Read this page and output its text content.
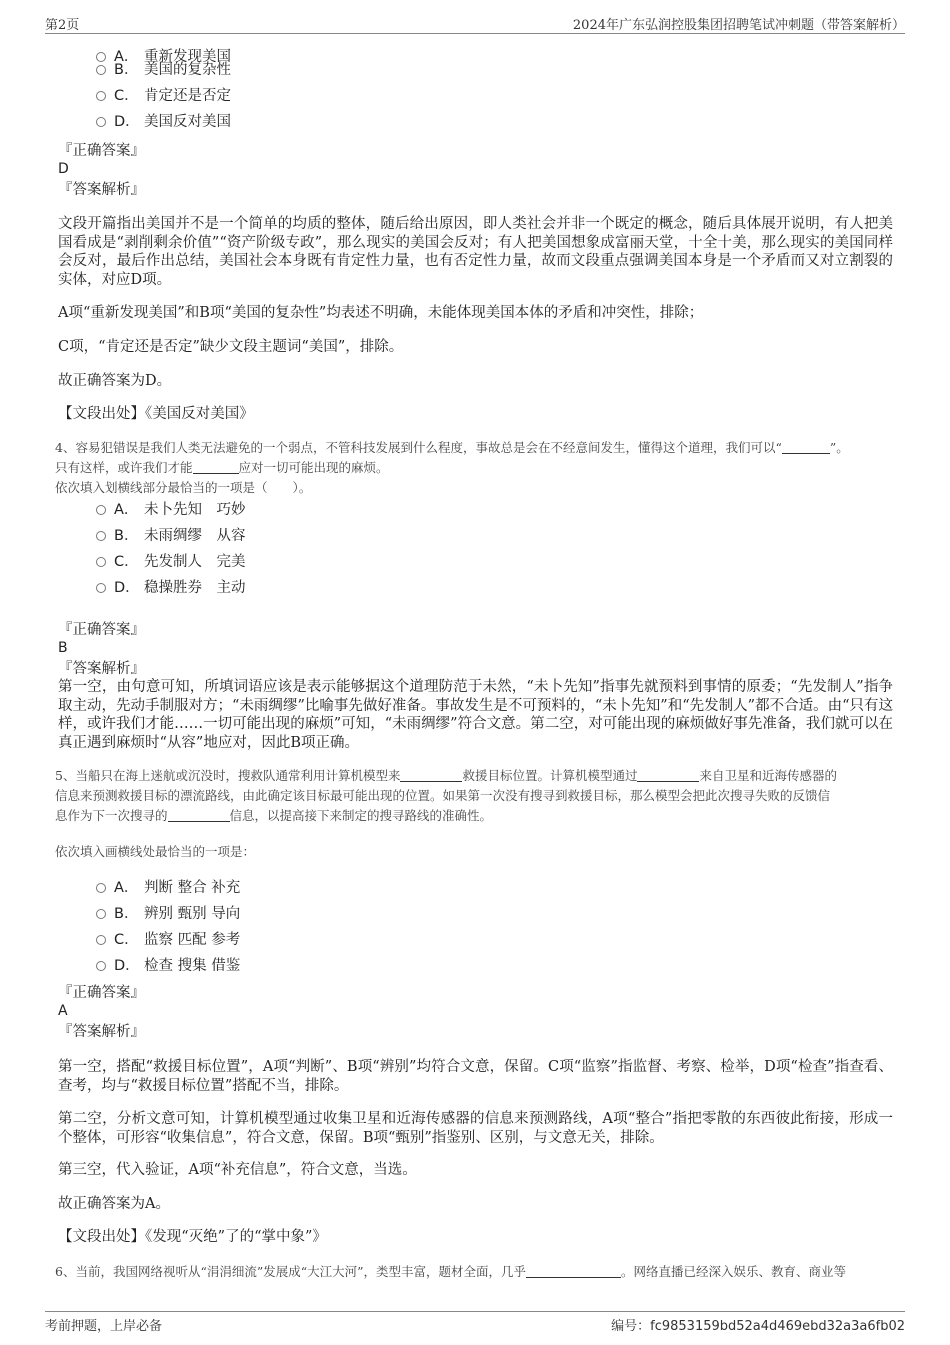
第2页	2024年广东弘润控股集团招聘笔试冲刺题（带答案解析）
A． 重新发现美国
B． 美国的复杂性
C． 肯定还是否定
D． 美国反对美国
『正确答案』
D
『答案解析』
文段开篇指出美国并不是一个简单的均质的整体，随后给出原因，即人类社会并非一个既定的概念，随后具体展开说明，有人把美国看成是“剥削剩余价值”“资产阶级专政”，那么现实的美国会反对；有人把美国想象成富丽天堂，十全十美，那么现实的美国同样会反对，最后作出总结，美国社会本身既有肯定性力量，也有否定性力量，故而文段重点强调美国本身是一个矛盾而又对立割裂的实体，对应D项。
A项“重新发现美国”和B项“美国的复杂性”均表述不明确，未能体现美国本体的矛盾和冲突性，排除；
C项，“肯定还是否定”缺少文段主题词“美国”，排除。
故正确答案为D。
【文段出处】《美国反对美国》
4、容易犯错误是我们人类无法避免的一个弱点，不管科技发展到什么程度，事故总是会在不经意间发生，懂得这个道理，我们可以“	”。
只有这样，或许我们才能	应对一切可能出现的麻烦。
依次填入划横线部分最恰当的一项是（　　）。
A． 未卜先知　巧妙
B． 未雨绸缪　从容
C． 先发制人　完美
D． 稳操胜券　主动
『正确答案』
B
『答案解析』
第一空，由句意可知，所填词语应该是表示能够据这个道理防范于未然，“未卜先知”指事先就预料到事情的原委；“先发制人”指争取主动，先动手制服对方；“未雨绸缪”比喻事先做好准备。事故发生是不可预料的，“未卜先知”和“先发制人”都不合适。由“只有这样，或许我们才能……一切可能出现的麻烦”可知，“未雨绸缪”符合文意。第二空，对可能出现的麻烦做好事先准备，我们就可以在真正遇到麻烦时“从容”地应对，因此B项正确。
5、当船只在海上迷航或沉没时，搜救队通常利用计算机模型来	救援目标位置。计算机模型通过	来自卫星和近海传感器的
信息来预测救援目标的漂流路线，由此确定该目标最可能出现的位置。如果第一次没有搜寻到救援目标，那么模型会把此次搜寻失败的反馈信
息作为下一次搜寻的	信息，以提高接下来制定的搜寻路线的准确性。
依次填入画横线处最恰当的一项是：
A． 判断 整合 补充
B． 辨别 甄别 导向
C． 监察 匹配 参考
D． 检查 搜集 借鉴
『正确答案』
A
『答案解析』
第一空，搭配“救援目标位置”，A项“判断”、B项“辨别”均符合文意，保留。C项“监察”指监督、考察、检举，D项“检查”指查看、查考，均与“救援目标位置”搭配不当，排除。
第二空，分析文意可知，计算机模型通过收集卫星和近海传感器的信息来预测路线，A项“整合”指把零散的东西彼此衔接，形成一个整体，可形容“收集信息”，符合文意，保留。B项“甄别”指鉴别、区别，与文意无关，排除。
第三空，代入验证，A项“补充信息”，符合文意，当选。
故正确答案为A。
【文段出处】《发现“灭绝”了的“掌中象”》
6、当前，我国网络视听从“涓涓细流”发展成“大江大河”，类型丰富，题材全面，几乎	。网络直播已经深入娱乐、教育、商业等
考前押题，上岸必备	编号：fc9853159bd52a4d469ebd32a3a6fb02
